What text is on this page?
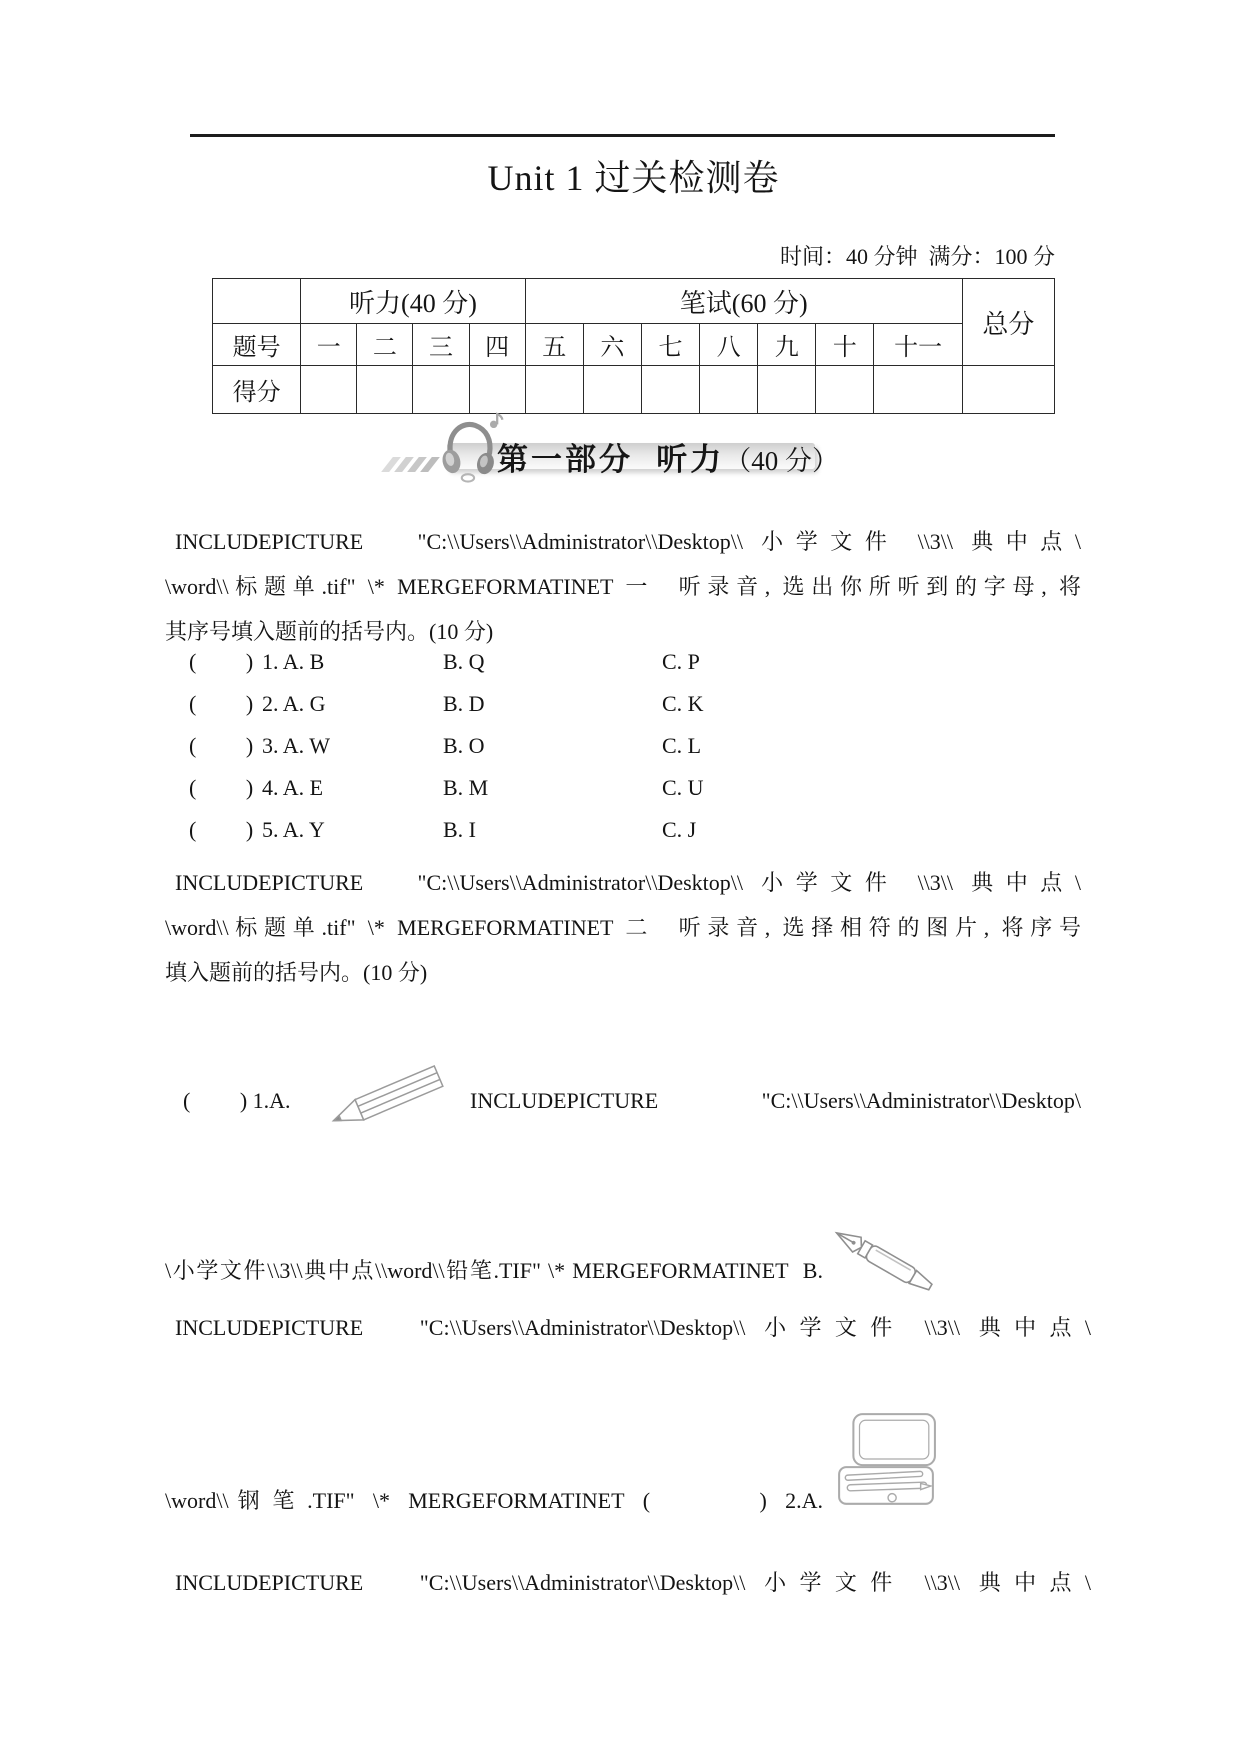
Unit 1 过关检测卷
时间：40 分钟  满分：100 分
	听力(40 分)				笔试(60 分)							总分
题号	一	二	三	四	五	六	七	八	九	十	十一	
得分												
第一部分  听力（40 分）
INCLUDEPICTURE   "C:\\Users\\Administrator\\Desktop\\ 小学文件 \\3\\ 典中点\
\word\\标题单.tif" \* MERGEFORMATINET 一  听录音, 选出你所听到的字母, 将
其序号填入题前的括号内。(10 分)
(         ) 1. A. B	B. Q	C. P
(         ) 2. A. G	B. D	C. K
(         ) 3. A. W	B. O	C. L
(         ) 4. A. E	B. M	C. U
(         ) 5. A. Y	B. I	C. J
INCLUDEPICTURE   "C:\\Users\\Administrator\\Desktop\\ 小学文件 \\3\\ 典中点\
\word\\标题单.tif" \* MERGEFORMATINET 二  听录音, 选择相符的图片, 将序号
填入题前的括号内。(10 分)
(         ) 1.A.	INCLUDEPICTURE   "C:\\Users\\Administrator\\Desktop\
\小学文件\\3\\典中点\\word\\铅笔.TIF" \* MERGEFORMATINET  B.
INCLUDEPICTURE   "C:\\Users\\Administrator\\Desktop\\ 小学文件 \\3\\ 典中点\
\word\\ 钢 笔 .TIF"  \*  MERGEFORMATINET  (            )  2.A.
INCLUDEPICTURE   "C:\\Users\\Administrator\\Desktop\\ 小学文件 \\3\\ 典中点\
